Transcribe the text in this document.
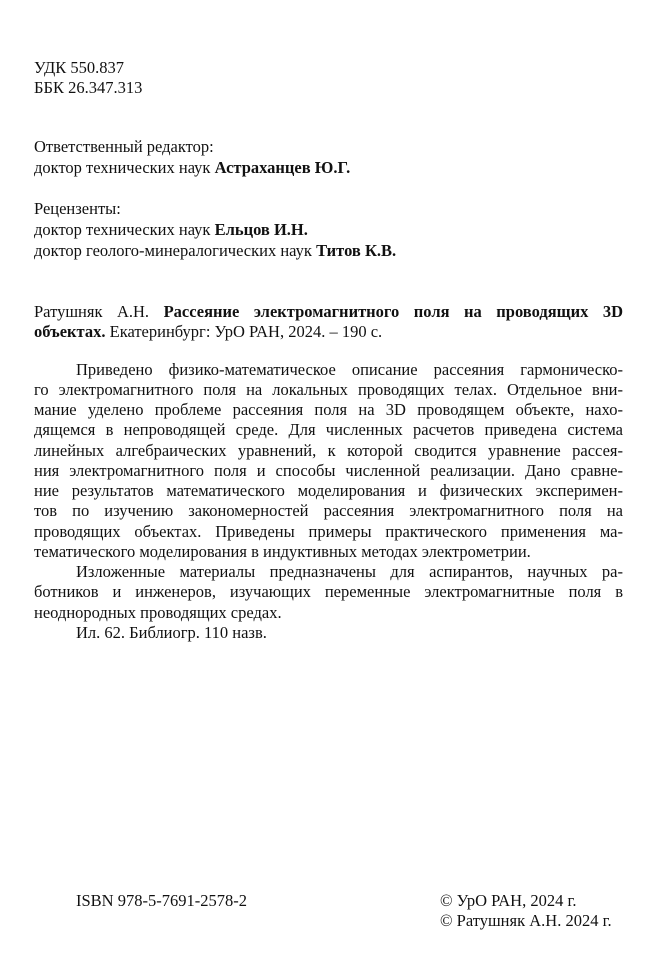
УДК 550.837
ББК 26.347.313
Ответственный редактор:
доктор технических наук Астраханцев Ю.Г.
Рецензенты:
доктор технических наук Ельцов И.Н.
доктор геолого-минералогических наук Титов К.В.
Ратушняк А.Н. Рассеяние электромагнитного поля на проводящих 3D
объектах. Екатеринбург: УрО РАН, 2024. – 190 с.
Приведено физико-математическое описание рассеяния гармоническо-
го электромагнитного поля на локальных проводящих телах. Отдельное вни-
мание уделено проблеме рассеяния поля на 3D проводящем объекте, нахо-
дящемся в непроводящей среде. Для численных расчетов приведена система
линейных алгебраических уравнений, к которой сводится уравнение рассея-
ния электромагнитного поля и способы численной реализации. Дано сравне-
ние результатов математического моделирования и физических эксперимен-
тов по изучению закономерностей рассеяния электромагнитного поля на
проводящих объектах. Приведены примеры практического применения ма-
тематического моделирования в индуктивных методах электрометрии.
Изложенные материалы предназначены для аспирантов, научных ра-
ботников и инженеров, изучающих переменные электромагнитные поля в
неоднородных проводящих средах.
Ил. 62. Библиогр. 110 назв.
ISBN 978-5-7691-2578-2	© УрО РАН, 2024 г.
© Ратушняк А.Н. 2024 г.
